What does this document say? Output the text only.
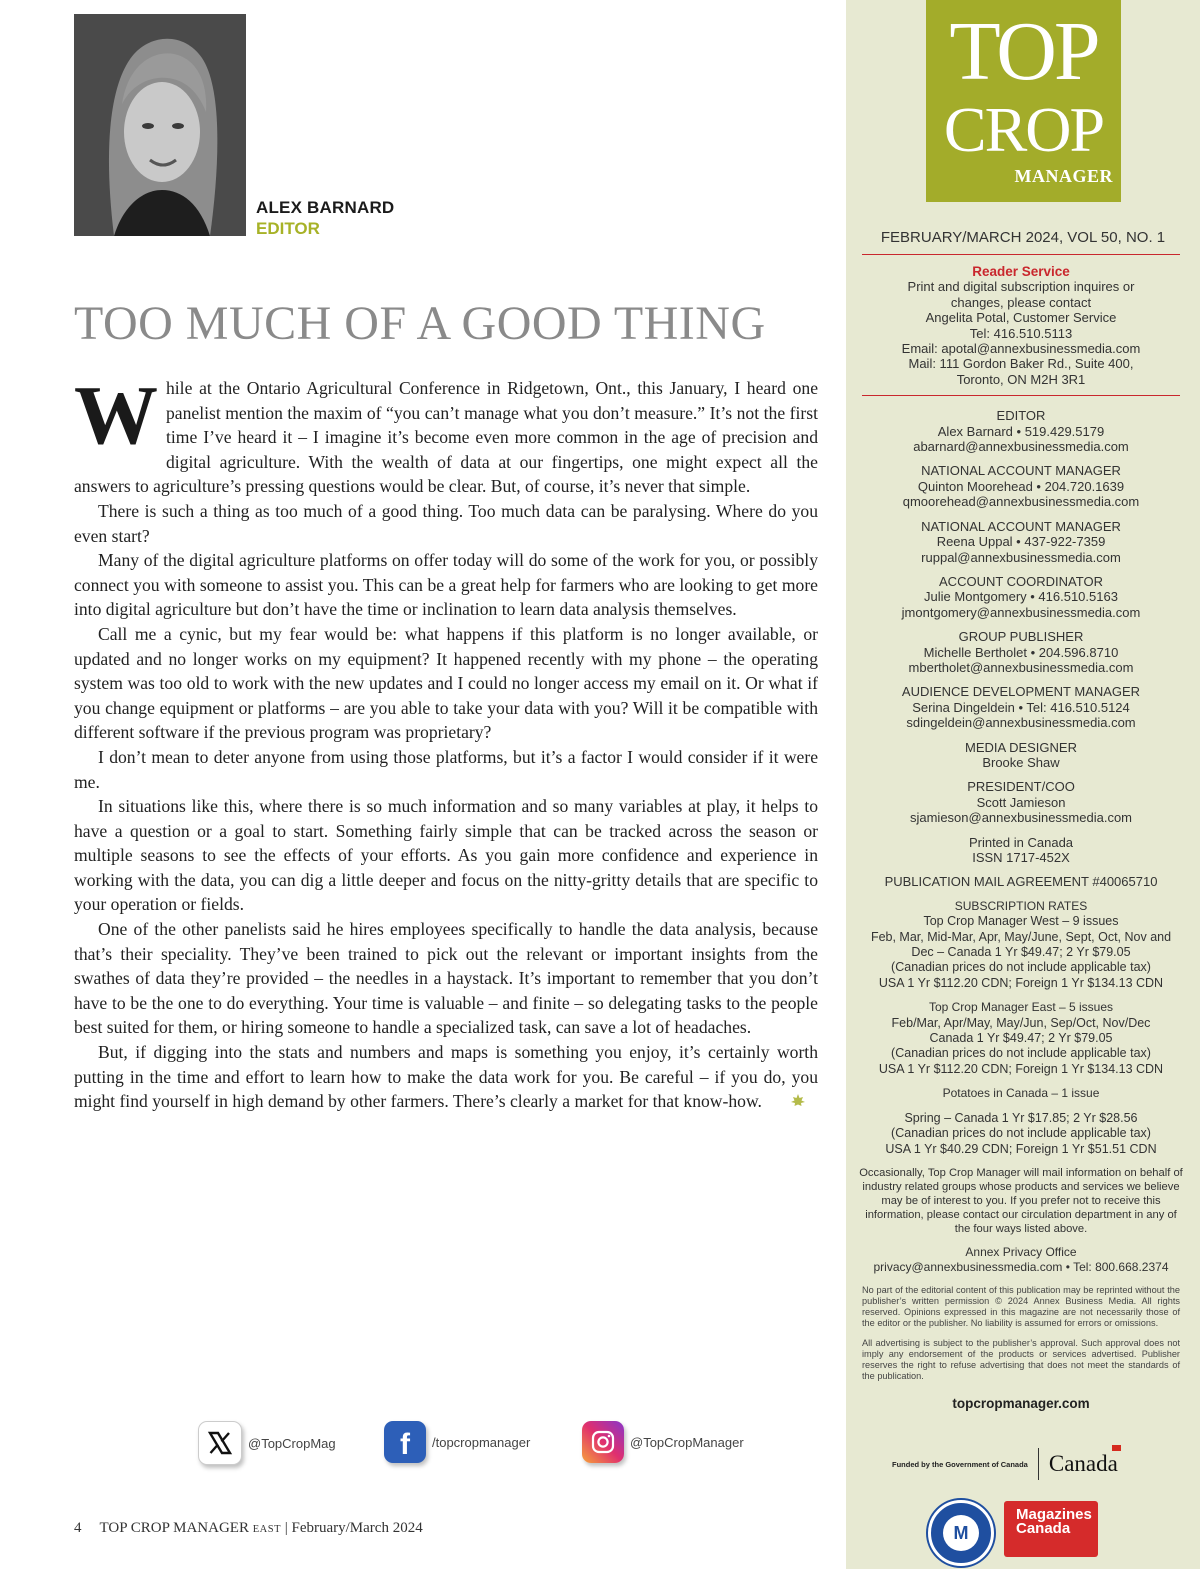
ALEX BARNARD
EDITOR
TOO MUCH OF A GOOD THING

While at the Ontario Agricultural Conference in Ridgetown, Ont., this January, I heard one panelist mention the maxim of “you can’t manage what you don’t measure.” It’s not the first time I’ve heard it – I imagine it’s become even more common in the age of precision and digital agriculture. With the wealth of data at our fingertips, one might expect all the answers to agriculture’s pressing questions would be clear. But, of course, it’s never that simple.

There is such a thing as too much of a good thing. Too much data can be paralysing. Where do you even start?

Many of the digital agriculture platforms on offer today will do some of the work for you, or possibly connect you with someone to assist you. This can be a great help for farmers who are looking to get more into digital agriculture but don’t have the time or inclination to learn data analysis themselves.

Call me a cynic, but my fear would be: what happens if this platform is no longer available, or updated and no longer works on my equipment? It happened recently with my phone – the operating system was too old to work with the new updates and I could no longer access my email on it. Or what if you change equipment or platforms – are you able to take your data with you? Will it be compatible with different software if the previous program was proprietary?

I don’t mean to deter anyone from using those platforms, but it’s a factor I would consider if it were me.

In situations like this, where there is so much information and so many variables at play, it helps to have a question or a goal to start. Something fairly simple that can be tracked across the season or multiple seasons to see the effects of your efforts. As you gain more confidence and experience in working with the data, you can dig a little deeper and focus on the nitty-gritty details that are specific to your operation or fields.

One of the other panelists said he hires employees specifically to handle the data analysis, because that’s their speciality. They’ve been trained to pick out the relevant or important insights from the swathes of data they’re provided – the needles in a haystack. It’s important to remember that you don’t have to be the one to do everything. Your time is valuable – and finite – so delegating tasks to the people best suited for them, or hiring someone to handle a specialized task, can save a lot of headaches.

But, if digging into the stats and numbers and maps is something you enjoy, it’s certainly worth putting in the time and effort to learn how to make the data work for you. Be careful – if you do, you might find yourself in high demand by other farmers. There’s clearly a market for that know-how.

@TopCropMag f /topcropmanager	@TopCropManager
4 TOP CROP MANAGER EAST | February/March 2024
TOP
CROP
MANAGER
FEBRUARY/MARCH 2024, VOL 50, NO. 1
Reader Service
Print and digital subscription inquires or
changes, please contact
Angelita Potal, Customer Service
Tel: 416.510.5113
Email: apotal@annexbusinessmedia.com
Mail: 111 Gordon Baker Rd., Suite 400,
Toronto, ON M2H 3R1
EDITOR
Alex Barnard • 519.429.5179
abarnard@annexbusinessmedia.com
NATIONAL ACCOUNT MANAGER
Quinton Moorehead • 204.720.1639
qmoorehead@annexbusinessmedia.com
NATIONAL ACCOUNT MANAGER
Reena Uppal • 437-922-7359
ruppal@annexbusinessmedia.com
ACCOUNT COORDINATOR
Julie Montgomery • 416.510.5163
jmontgomery@annexbusinessmedia.com
GROUP PUBLISHER
Michelle Bertholet • 204.596.8710
mbertholet@annexbusinessmedia.com
AUDIENCE DEVELOPMENT MANAGER
Serina Dingeldein • Tel: 416.510.5124
sdingeldein@annexbusinessmedia.com
MEDIA DESIGNER
Brooke Shaw
PRESIDENT/COO
Scott Jamieson
sjamieson@annexbusinessmedia.com
Printed in Canada
ISSN 1717-452X
PUBLICATION MAIL AGREEMENT #40065710
SUBSCRIPTION RATES
Top Crop Manager West – 9 issues
Feb, Mar, Mid-Mar, Apr, May/June, Sept, Oct, Nov and
Dec – Canada 1 Yr $49.47; 2 Yr $79.05
(Canadian prices do not include applicable tax)
USA 1 Yr $112.20 CDN; Foreign 1 Yr $134.13 CDN
Top Crop Manager East – 5 issues
Feb/Mar, Apr/May, May/Jun, Sep/Oct, Nov/Dec
Canada 1 Yr $49.47; 2 Yr $79.05
(Canadian prices do not include applicable tax)
USA 1 Yr $112.20 CDN; Foreign 1 Yr $134.13 CDN
Potatoes in Canada – 1 issue
Spring – Canada 1 Yr $17.85; 2 Yr $28.56
(Canadian prices do not include applicable tax)
USA 1 Yr $40.29 CDN; Foreign 1 Yr $51.51 CDN
Occasionally, Top Crop Manager will mail information on behalf of industry related groups whose products and services we believe may be of interest to you. If you prefer not to receive this information, please contact our circulation department in any of the four ways listed above.
Annex Privacy Office
privacy@annexbusinessmedia.com • Tel: 800.668.2374
No part of the editorial content of this publication may be reprinted without the publisher’s written permission © 2024 Annex Business Media. All rights reserved. Opinions expressed in this magazine are not necessarily those of the editor or the publisher. No liability is assumed for errors or omissions.
All advertising is subject to the publisher’s approval. Such approval does not imply any endorsement of the products or services advertised. Publisher reserves the right to refuse advertising that does not meet the standards of the publication.
topcropmanager.com
Funded by the Government of Canada Canada
M
Magazines
Canada
